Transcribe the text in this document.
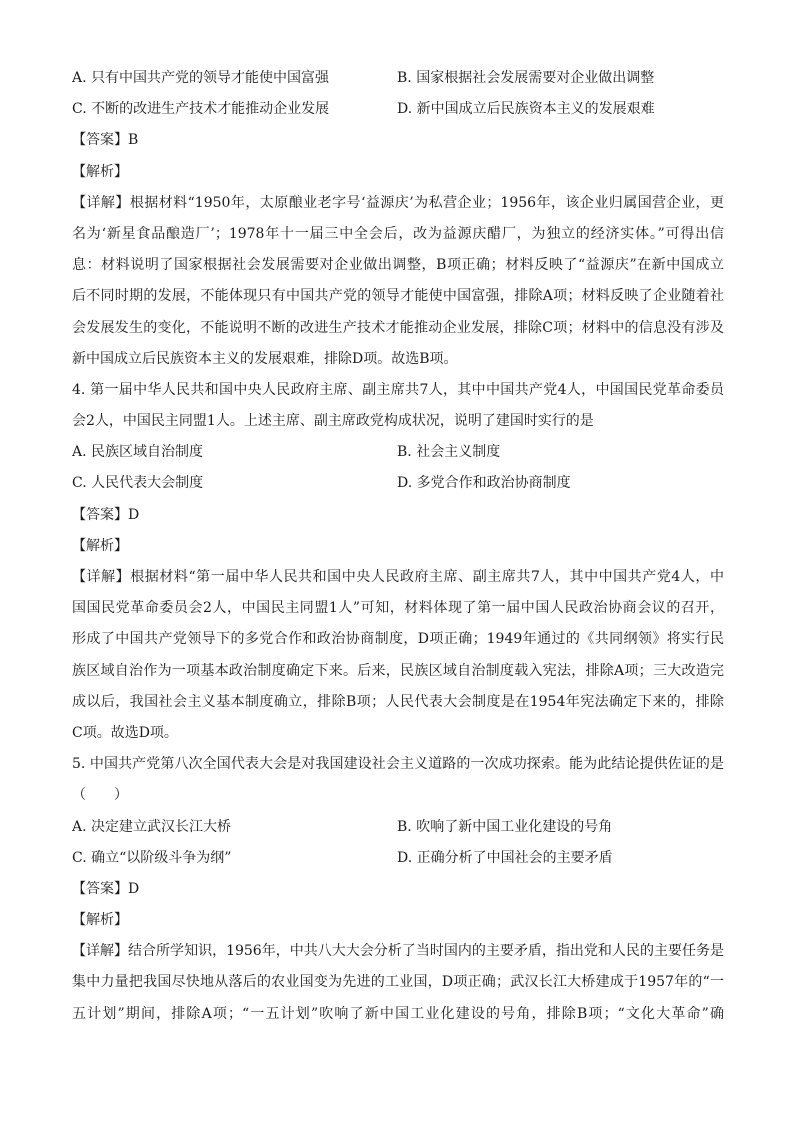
A. 只有中国共产党的领导才能使中国富强	B. 国家根据社会发展需要对企业做出调整
C. 不断的改进生产技术才能推动企业发展	D. 新中国成立后民族资本主义的发展艰难
【答案】B
【解析】
【详解】根据材料“1950年，太原酿业老字号‘益源庆’为私营企业；1956年，该企业归属国营企业，更
名为‘新星食品酿造厂’；1978年十一届三中全会后，改为益源庆醋厂，为独立的经济实体。”可得出信
息：材料说明了国家根据社会发展需要对企业做出调整，B项正确；材料反映了“益源庆”在新中国成立
后不同时期的发展，不能体现只有中国共产党的领导才能使中国富强，排除A项；材料反映了企业随着社
会发展发生的变化，不能说明不断的改进生产技术才能推动企业发展，排除C项；材料中的信息没有涉及
新中国成立后民族资本主义的发展艰难，排除D项。故选B项。
4. 第一届中华人民共和国中央人民政府主席、副主席共7人，其中中国共产党4人，中国国民党革命委员
会2人，中国民主同盟1人。上述主席、副主席政党构成状况，说明了建国时实行的是
A. 民族区域自治制度	B. 社会主义制度
C. 人民代表大会制度	D. 多党合作和政治协商制度
【答案】D
【解析】
【详解】根据材料“第一届中华人民共和国中央人民政府主席、副主席共7人，其中中国共产党4人，中
国国民党革命委员会2人，中国民主同盟1人”可知，材料体现了第一届中国人民政治协商会议的召开，
形成了中国共产党领导下的多党合作和政治协商制度，D项正确；1949年通过的《共同纲领》将实行民
族区域自治作为一项基本政治制度确定下来。后来，民族区域自治制度载入宪法，排除A项；三大改造完
成以后，我国社会主义基本制度确立，排除B项；人民代表大会制度是在1954年宪法确定下来的，排除
C项。故选D项。
5. 中国共产党第八次全国代表大会是对我国建设社会主义道路的一次成功探索。能为此结论提供佐证的是
（　　）
A. 决定建立武汉长江大桥	B. 吹响了新中国工业化建设的号角
C. 确立“以阶级斗争为纲”	D. 正确分析了中国社会的主要矛盾
【答案】D
【解析】
【详解】结合所学知识，1956年，中共八大大会分析了当时国内的主要矛盾，指出党和人民的主要任务是
集中力量把我国尽快地从落后的农业国变为先进的工业国，D项正确；武汉长江大桥建成于1957年的“一
五计划”期间，排除A项；“一五计划”吹响了新中国工业化建设的号角，排除B项；“文化大革命”确
